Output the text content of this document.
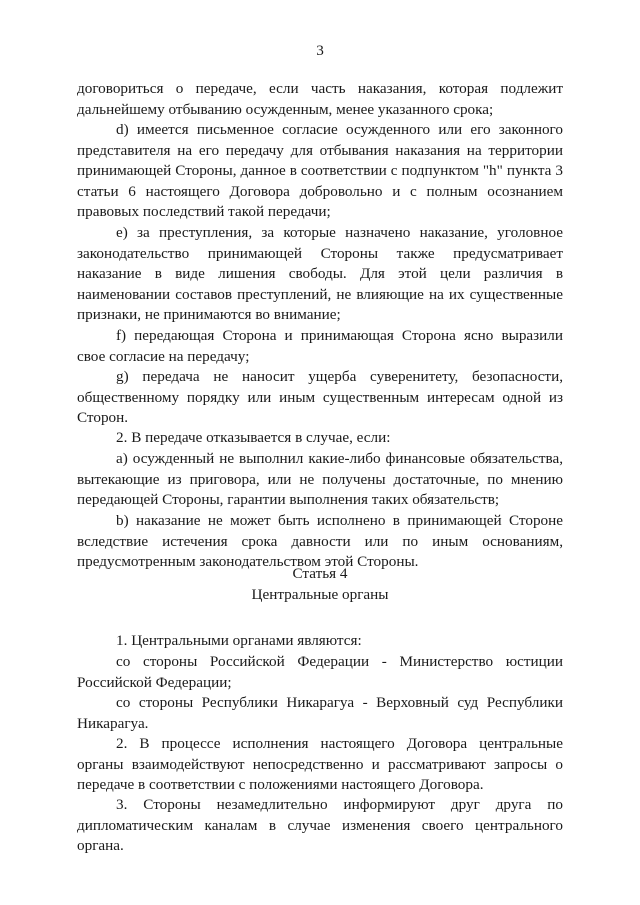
3

договориться о передаче, если часть наказания, которая подлежит дальнейшему отбыванию осужденным, менее указанного срока;

d) имеется письменное согласие осужденного или его законного представителя на его передачу для отбывания наказания на территории принимающей Стороны, данное в соответствии с подпунктом "h" пункта 3 статьи 6 настоящего Договора добровольно и с полным осознанием правовых последствий такой передачи;

е) за преступления, за которые назначено наказание, уголовное законодательство принимающей Стороны также предусматривает наказание в виде лишения свободы. Для этой цели различия в наименовании составов преступлений, не влияющие на их существенные признаки, не принимаются во внимание;

f) передающая Сторона и принимающая Сторона ясно выразили свое согласие на передачу;

g) передача не наносит ущерба суверенитету, безопасности, общественному порядку или иным существенным интересам одной из Сторон.

2. В передаче отказывается в случае, если:

а) осужденный не выполнил какие-либо финансовые обязательства, вытекающие из приговора, или не получены достаточные, по мнению передающей Стороны, гарантии выполнения таких обязательств;

b) наказание не может быть исполнено в принимающей Стороне вследствие истечения срока давности или по иным основаниям, предусмотренным законодательством этой Стороны.

Статья 4

Центральные органы

1. Центральными органами являются:

со стороны Российской Федерации - Министерство юстиции Российской Федерации;

со стороны Республики Никарагуа - Верховный суд Республики Никарагуа.

2. В процессе исполнения настоящего Договора центральные органы взаимодействуют непосредственно и рассматривают запросы о передаче в соответствии с положениями настоящего Договора.

3. Стороны незамедлительно информируют друг друга по дипломатическим каналам в случае изменения своего центрального органа.
